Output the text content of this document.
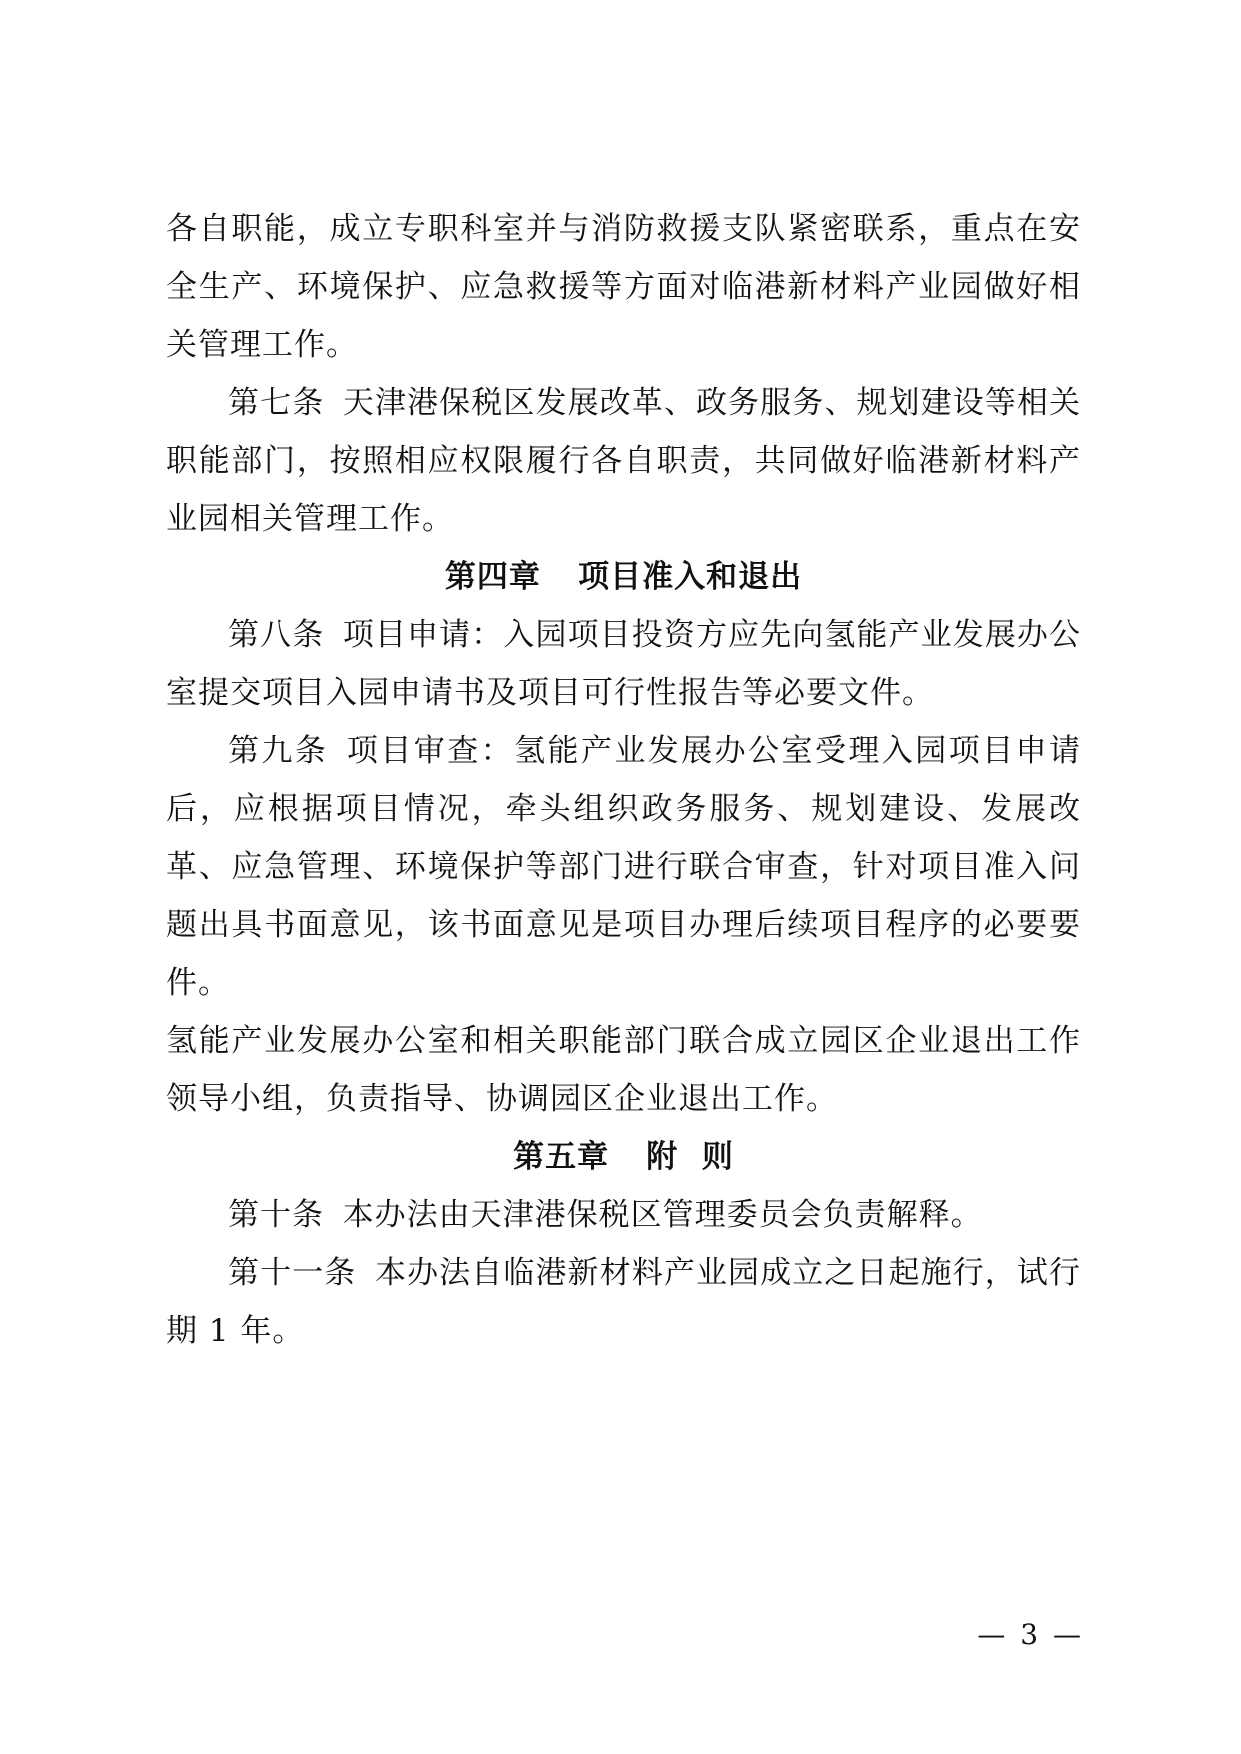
各自职能，成立专职科室并与消防救援支队紧密联系，重点在安全生产、环境保护、应急救援等方面对临港新材料产业园做好相关管理工作。

第七条 天津港保税区发展改革、政务服务、规划建设等相关职能部门，按照相应权限履行各自职责，共同做好临港新材料产业园相关管理工作。

第四章 项目准入和退出

第八条 项目申请：入园项目投资方应先向氢能产业发展办公室提交项目入园申请书及项目可行性报告等必要文件。

第九条 项目审查：氢能产业发展办公室受理入园项目申请后，应根据项目情况，牵头组织政务服务、规划建设、发展改革、应急管理、环境保护等部门进行联合审查，针对项目准入问题出具书面意见，该书面意见是项目办理后续项目程序的必要要件。

氢能产业发展办公室和相关职能部门联合成立园区企业退出工作领导小组，负责指导、协调园区企业退出工作。

第五章 附  则

第十条 本办法由天津港保税区管理委员会负责解释。

第十一条 本办法自临港新材料产业园成立之日起施行，试行期 1 年。

— 3 —
